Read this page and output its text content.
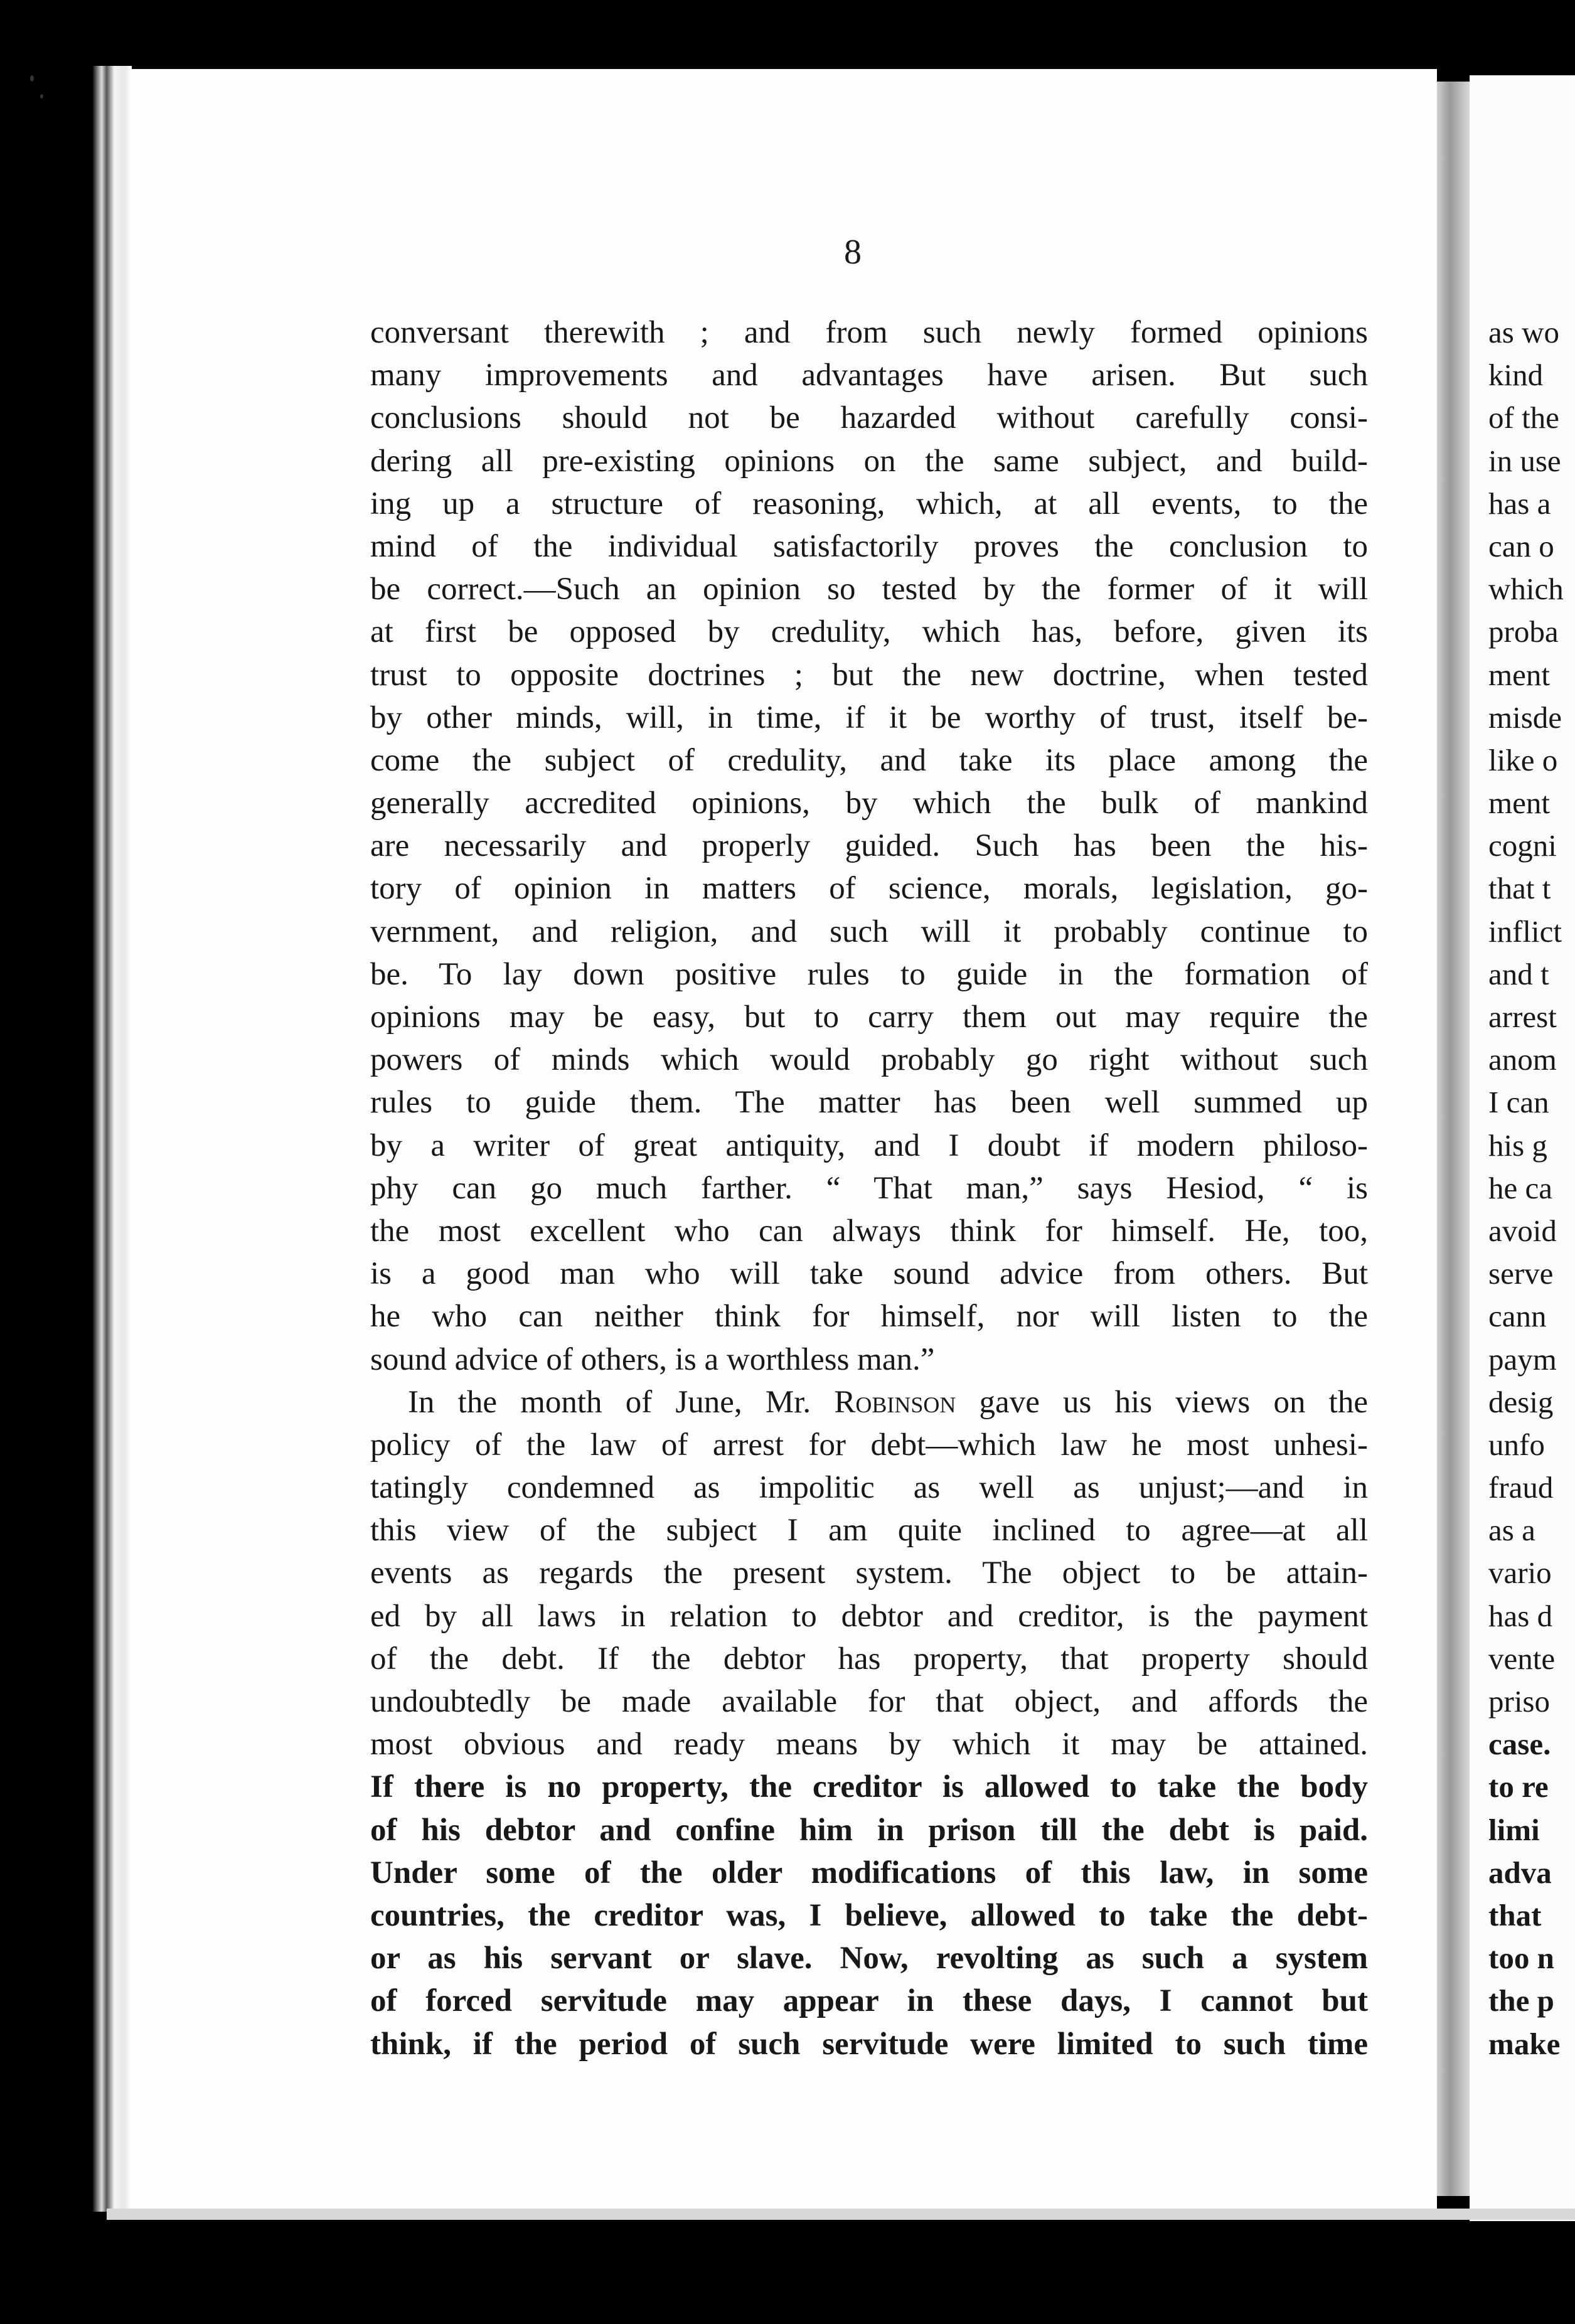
8
conversant therewith ; and from such newly formed opinions
many improvements and advantages have arisen. But such
conclusions should not be hazarded without carefully consi-
dering all pre-existing opinions on the same subject, and build-
ing up a structure of reasoning, which, at all events, to the
mind of the individual satisfactorily proves the conclusion to
be correct.—Such an opinion so tested by the former of it will
at first be opposed by credulity, which has, before, given its
trust to opposite doctrines ; but the new doctrine, when tested
by other minds, will, in time, if it be worthy of trust, itself be-
come the subject of credulity, and take its place among the
generally accredited opinions, by which the bulk of mankind
are necessarily and properly guided. Such has been the his-
tory of opinion in matters of science, morals, legislation, go-
vernment, and religion, and such will it probably continue to
be. To lay down positive rules to guide in the formation of
opinions may be easy, but to carry them out may require the
powers of minds which would probably go right without such
rules to guide them. The matter has been well summed up
by a writer of great antiquity, and I doubt if modern philoso-
phy can go much farther. “ That man,” says Hesiod, “ is
the most excellent who can always think for himself. He, too,
is a good man who will take sound advice from others. But
he who can neither think for himself, nor will listen to the
sound advice of others, is a worthless man.”
In the month of June, Mr. Robinson gave us his views on the
policy of the law of arrest for debt—which law he most unhesi-
tatingly condemned as impolitic as well as unjust;—and in
this view of the subject I am quite inclined to agree—at all
events as regards the present system. The object to be attain-
ed by all laws in relation to debtor and creditor, is the payment
of the debt. If the debtor has property, that property should
undoubtedly be made available for that object, and affords the
most obvious and ready means by which it may be attained.
If there is no property, the creditor is allowed to take the body
of his debtor and confine him in prison till the debt is paid.
Under some of the older modifications of this law, in some
countries, the creditor was, I believe, allowed to take the debt-
or as his servant or slave. Now, revolting as such a system
of forced servitude may appear in these days, I cannot but
think, if the period of such servitude were limited to such time
as wo
kind
of the
in use
has a
can o
which
proba
ment
misde
like o
ment
cogni
that t
inflict
and t
arrest
anom
I can
his g
he ca
avoid
serve
cann
paym
desig
unfo
fraud
as a
vario
has d
vente
priso
case.
to re
limi
adva
that
too n
the p
make
